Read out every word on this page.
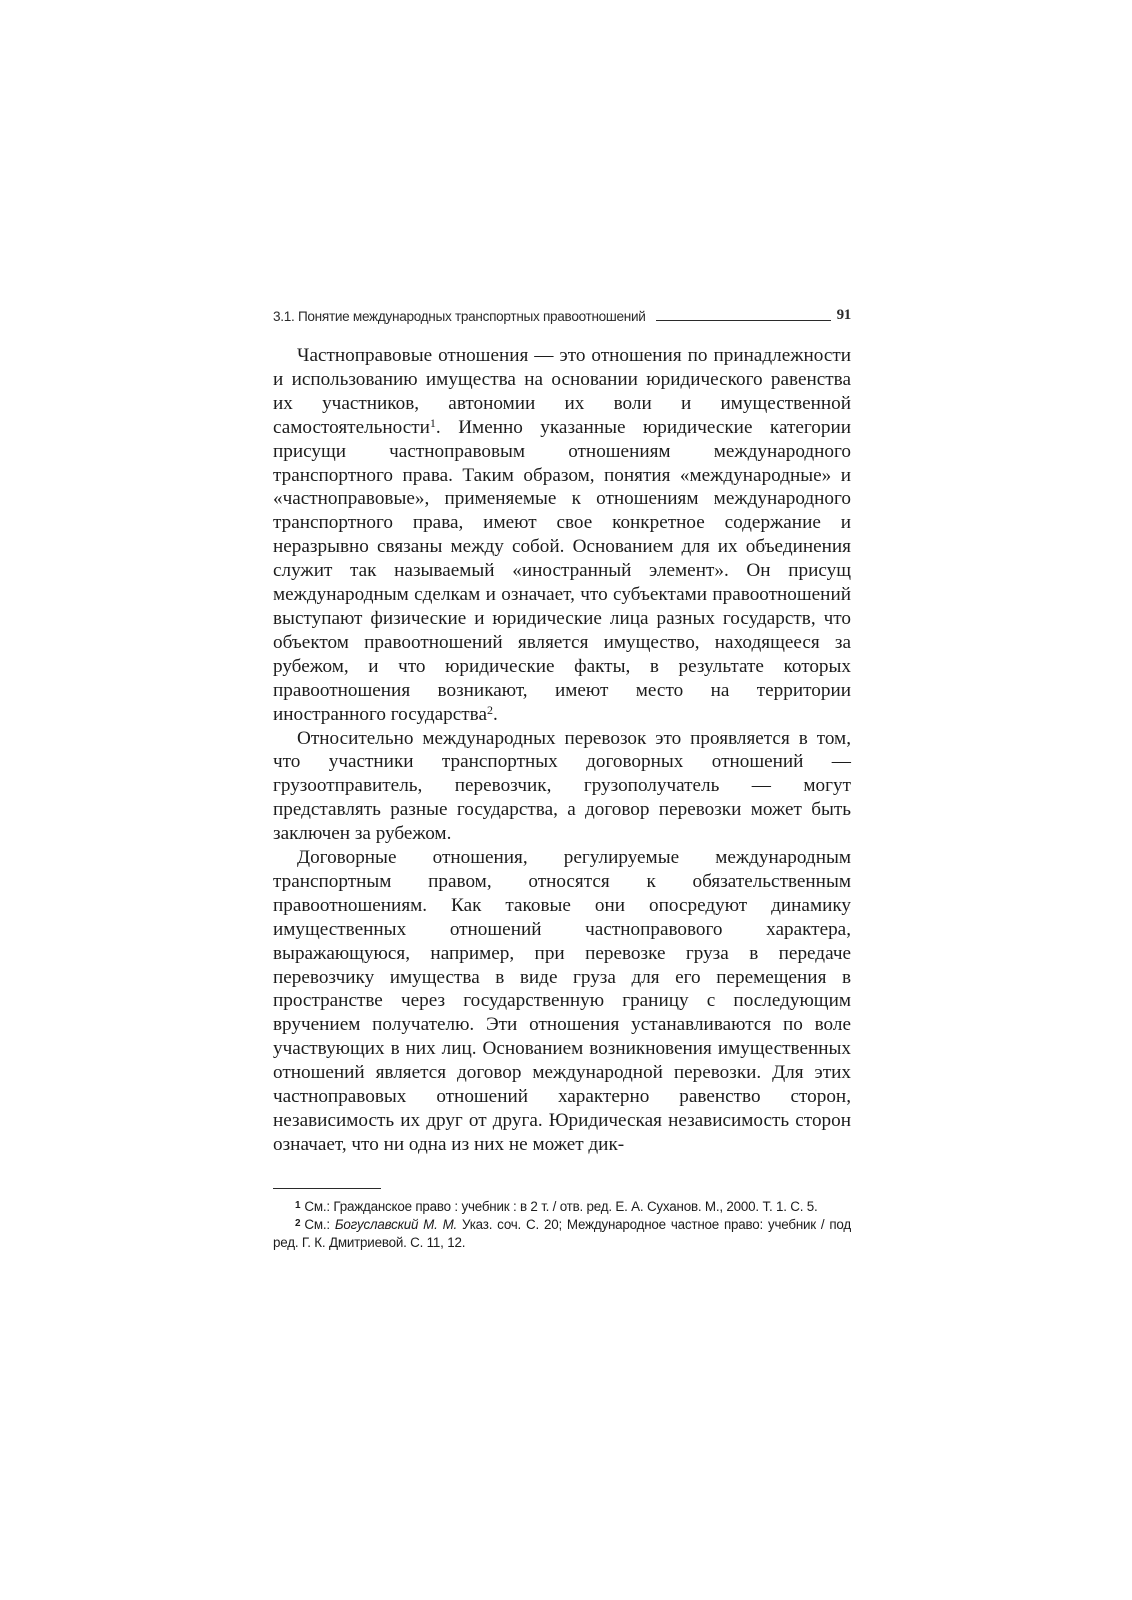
3.1. Понятие международных транспортных правоотношений	91

Частноправовые отношения — это отношения по принадлежности и использованию имущества на основании юридического равенства их участников, автономии их воли и имущественной самостоятельности$^1$. Именно указанные юридические категории присущи частноправовым отношениям международного транспортного права. Таким образом, понятия «международные» и «частноправовые», применяемые к отношениям международного транспортного права, имеют свое конкретное содержание и неразрывно связаны между собой. Основанием для их объединения служит так называемый «иностранный элемент». Он присущ международным сделкам и означает, что субъектами правоотношений выступают физические и юридические лица разных государств, что объектом правоотношений является имущество, находящееся за рубежом, и что юридические факты, в результате которых правоотношения возникают, имеют место на территории иностранного государства$^2$.

Относительно международных перевозок это проявляется в том, что участники транспортных договорных отношений — грузоотправитель, перевозчик, грузополучатель — могут представлять разные государства, а договор перевозки может быть заключен за рубежом.

Договорные отношения, регулируемые международным транспортным правом, относятся к обязательственным правоотношениям. Как таковые они опосредуют динамику имущественных отношений частноправового характера, выражающуюся, например, при перевозке груза в передаче перевозчику имущества в виде груза для его перемещения в пространстве через государственную границу с последующим вручением получателю. Эти отношения устанавливаются по воле участвующих в них лиц. Основанием возникновения имущественных отношений является договор международной перевозки. Для этих частноправовых отношений характерно равенство сторон, независимость их друг от друга. Юридическая независимость сторон означает, что ни одна из них не может дик-

$^1$ См.: Гражданское право : учебник : в 2 т. / отв. ред. Е. А. Суханов. М., 2000. Т. 1. С. 5.

$^2$ См.: Богуславский М. М. Указ. соч. С. 20; Международное частное право: учебник / под ред. Г. К. Дмитриевой. С. 11, 12.
